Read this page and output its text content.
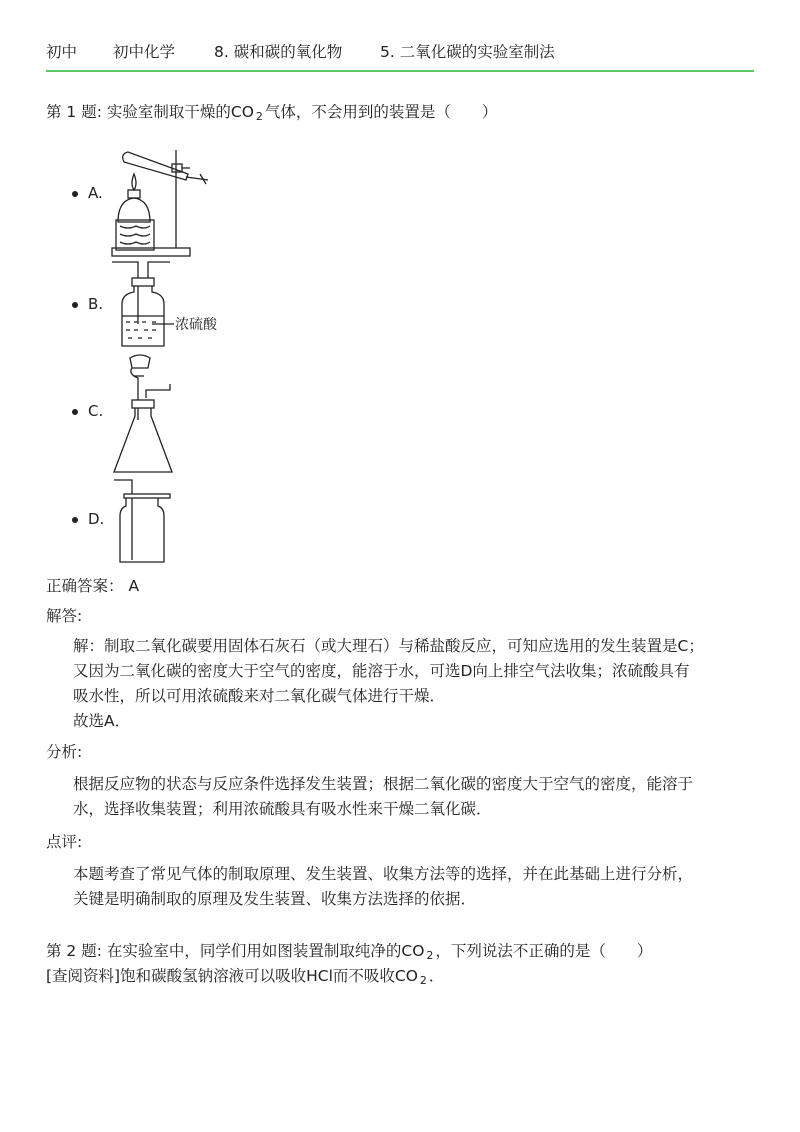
初中 初中化学	8. 碳和碳的氧化物 5. 二氧化碳的实验室制法
第 1 题: 实验室制取干燥的CO $_2$ 气体，不会用到的装置是（　　）
A.
B.
浓硫酸
C.
D.
正确答案： A
解答:
解：制取二氧化碳要用固体石灰石（或大理石）与稀盐酸反应，可知应选用的发生装置是C；
又因为二氧化碳的密度大于空气的密度，能溶于水，可选D向上排空气法收集；浓硫酸具有
吸水性，所以可用浓硫酸来对二氧化碳气体进行干燥．
故选A．
分析:
根据反应物的状态与反应条件选择发生装置；根据二氧化碳的密度大于空气的密度，能溶于
水，选择收集装置；利用浓硫酸具有吸水性来干燥二氧化碳．
点评:
本题考查了常见气体的制取原理、发生装置、收集方法等的选择，并在此基础上进行分析，
关键是明确制取的原理及发生装置、收集方法选择的依据．
第 2 题: 在实验室中，同学们用如图装置制取纯净的CO $_2$ ，下列说法不正确的是（　　）
[查阅资料]饱和碳酸氢钠溶液可以吸收HCl而不吸收CO $_2$ ．
